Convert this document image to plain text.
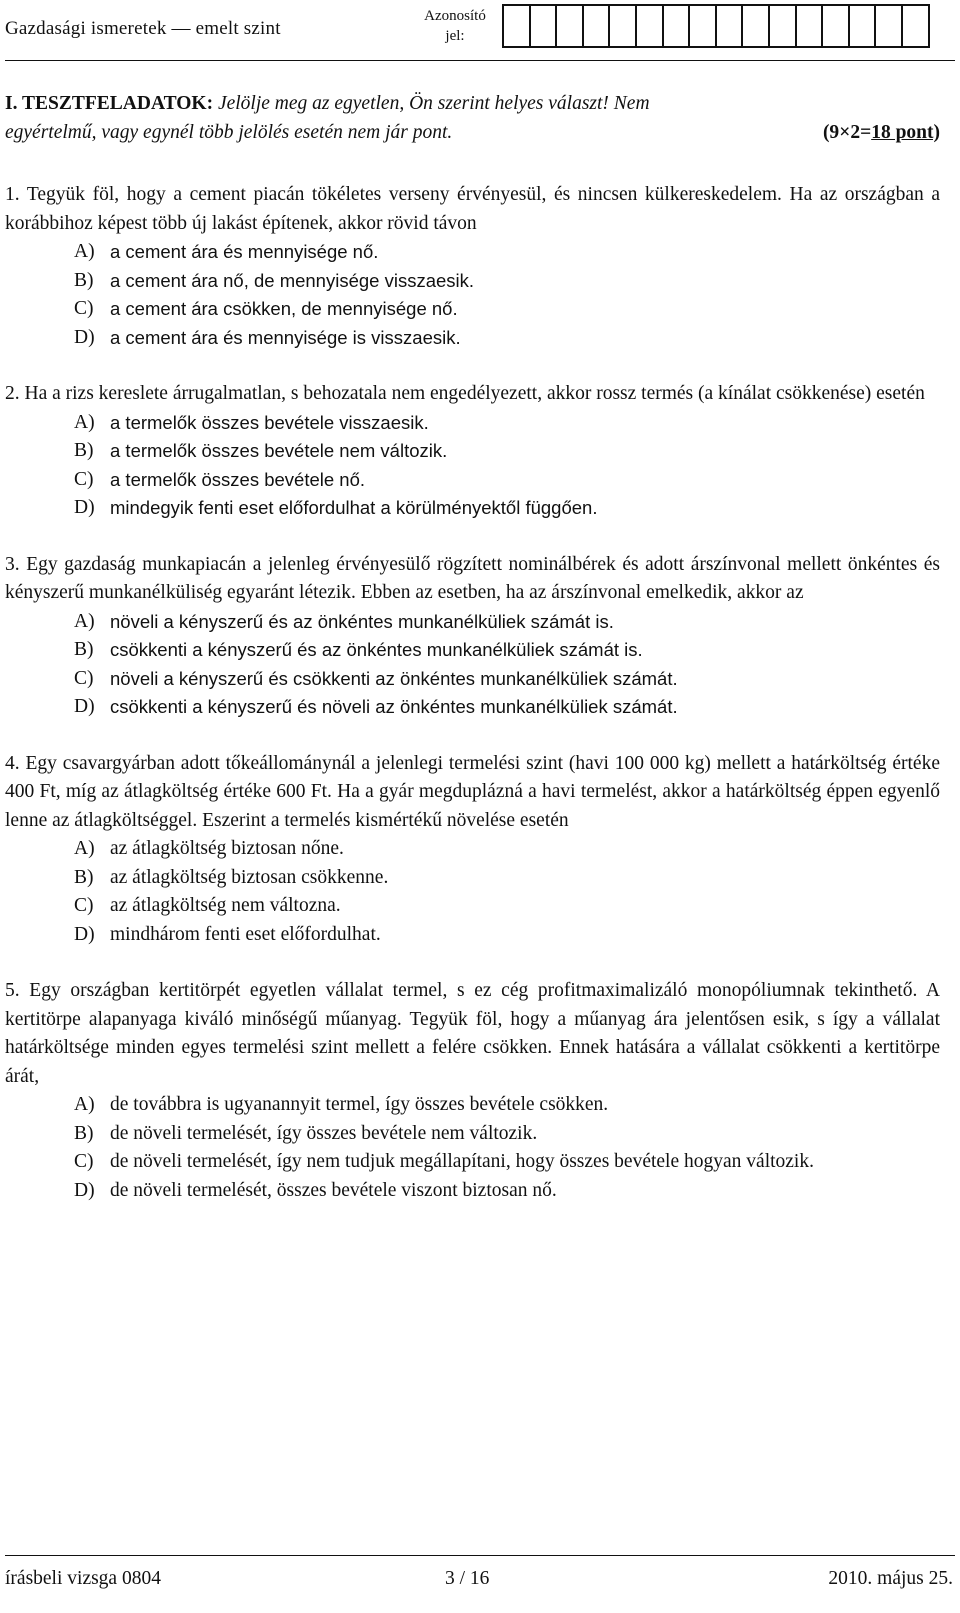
Gazdasági ismeretek — emelt szint
Azonosító
jel:

I. TESZTFELADATOK: Jelölje meg az egyetlen, Ön szerint helyes választ! Nem

egyértelmű, vagy egynél több jelölés esetén nem jár pont.	(9×2=18 pont)

1. Tegyük föl, hogy a cement piacán tökéletes verseny érvényesül, és nincsen külkereskedelem. Ha az országban a korábbihoz képest több új lakást építenek, akkor rövid távon

A) a cement ára és mennyisége nő.
B) a cement ára nő, de mennyisége visszaesik.
C) a cement ára csökken, de mennyisége nő.
D) a cement ára és mennyisége is visszaesik.

2. Ha a rizs kereslete árrugalmatlan, s behozatala nem engedélyezett, akkor rossz termés (a kínálat csökkenése) esetén

A) a termelők összes bevétele visszaesik.
B) a termelők összes bevétele nem változik.
C) a termelők összes bevétele nő.
D) mindegyik fenti eset előfordulhat a körülményektől függően.

3. Egy gazdaság munkapiacán a jelenleg érvényesülő rögzített nominálbérek és adott árszínvonal mellett önkéntes és kényszerű munkanélküliség egyaránt létezik. Ebben az esetben, ha az árszínvonal emelkedik, akkor az

A) növeli a kényszerű és az önkéntes munkanélküliek számát is.
B) csökkenti a kényszerű és az önkéntes munkanélküliek számát is.
C) növeli a kényszerű és csökkenti az önkéntes munkanélküliek számát.
D) csökkenti a kényszerű és növeli az önkéntes munkanélküliek számát.

4. Egy csavargyárban adott tőkeállománynál a jelenlegi termelési szint (havi 100 000 kg) mellett a határköltség értéke 400 Ft, míg az átlagköltség értéke 600 Ft. Ha a gyár megduplázná a havi termelést, akkor a határköltség éppen egyenlő lenne az átlagköltséggel. Eszerint a termelés kismértékű növelése esetén

A) az átlagköltség biztosan nőne.
B) az átlagköltség biztosan csökkenne.
C) az átlagköltség nem változna.
D) mindhárom fenti eset előfordulhat.

5. Egy országban kertitörpét egyetlen vállalat termel, s ez cég profitmaximalizáló monopóliumnak tekinthető. A kertitörpe alapanyaga kiváló minőségű műanyag. Tegyük föl, hogy a műanyag ára jelentősen esik, s így a vállalat határköltsége minden egyes termelési szint mellett a felére csökken. Ennek hatására a vállalat csökkenti a kertitörpe árát,

A) de továbbra is ugyanannyit termel, így összes bevétele csökken.
B) de növeli termelését, így összes bevétele nem változik.
C) de növeli termelését, így nem tudjuk megállapítani, hogy összes bevétele hogyan változik.
D) de növeli termelését, összes bevétele viszont biztosan nő.
írásbeli vizsga 0804	3 / 16	2010. május 25.
